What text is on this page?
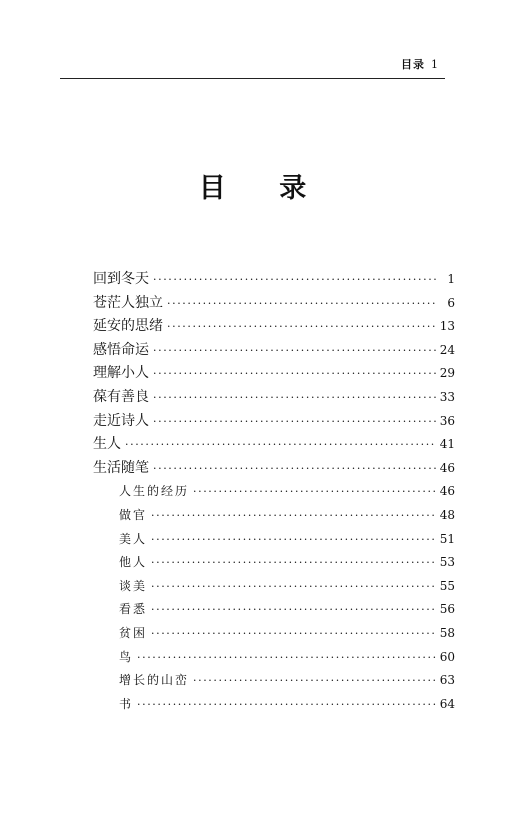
目录 1
目 录
回到冬天 ·····	1
苍茫人独立 ·····	6
延安的思绪 ·····	13
感悟命运 ·····	24
理解小人 ·····	29
葆有善良 ·····	33
走近诗人 ·····	36
生人 ·····	41
生活随笔 ·····	46
人生的经历 ·····	46
做官 ·····	48
美人 ·····	51
他人 ·····	53
谈美 ·····	55
看悉 ·····	56
贫困 ·····	58
鸟 ·····	60
增长的山峦 ·····	63
书 ·····	64
